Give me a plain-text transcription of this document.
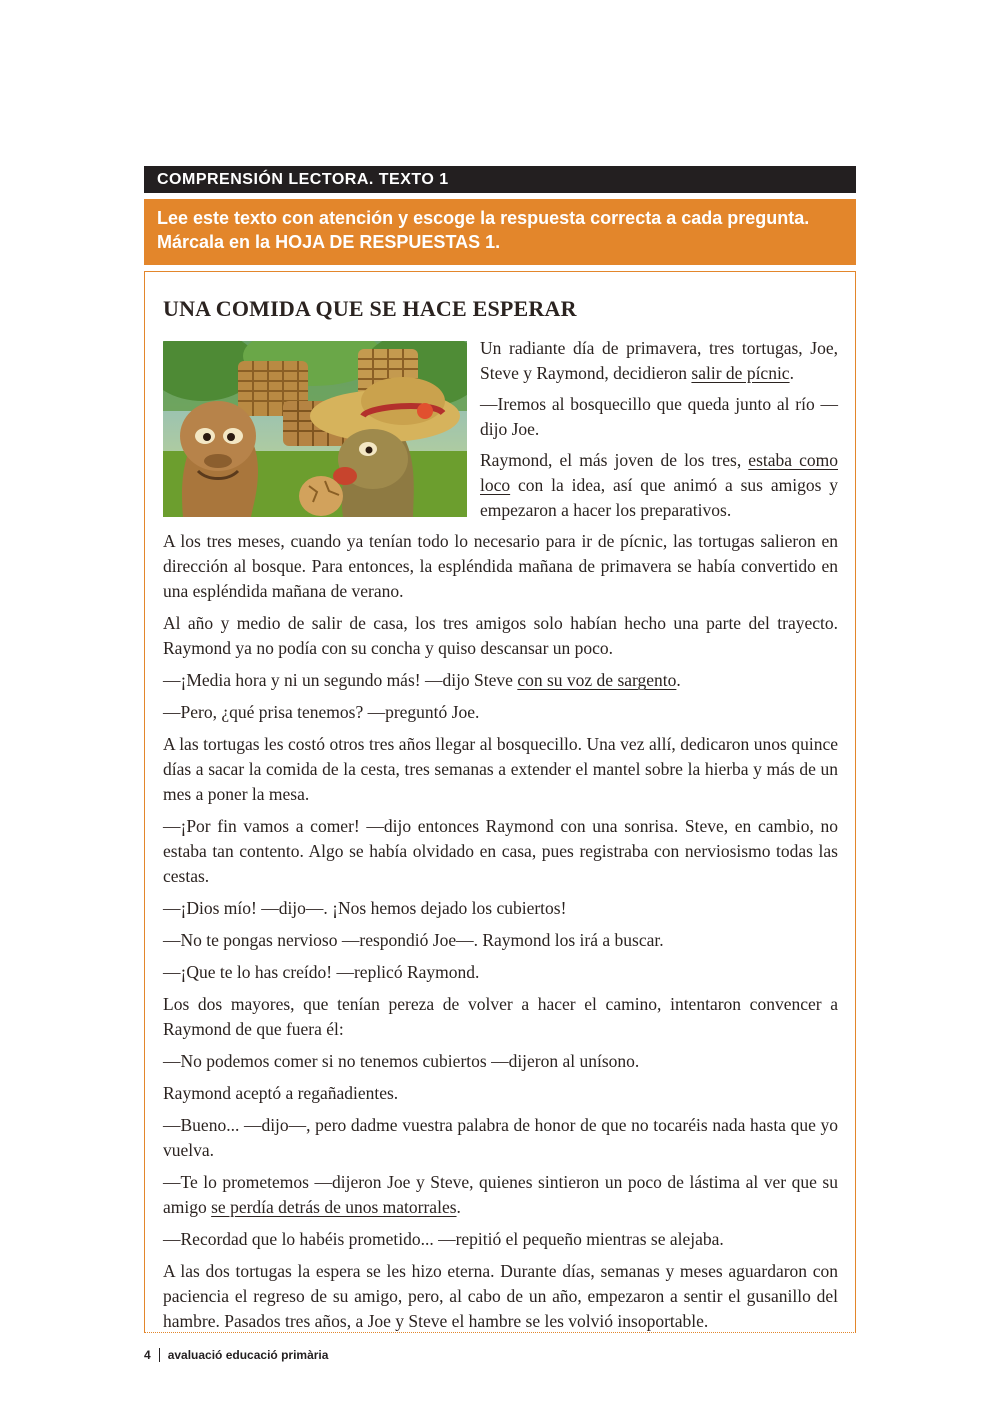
COMPRENSIÓN LECTORA. TEXTO 1
Lee este texto con atención y escoge la respuesta correcta a cada pregunta. Márcala en la HOJA DE RESPUESTAS 1.
UNA COMIDA QUE SE HACE ESPERAR

Un radiante día de primavera, tres tortugas, Joe, Steve y Raymond, decidieron salir de pícnic.

—Iremos al bosquecillo que queda junto al río —dijo Joe.

Raymond, el más joven de los tres, estaba como loco con la idea, así que animó a sus amigos y empezaron a hacer los preparativos.

A los tres meses, cuando ya tenían todo lo necesario para ir de pícnic, las tortugas salieron en dirección al bosque. Para entonces, la espléndida mañana de primavera se había convertido en una espléndida mañana de verano.

Al año y medio de salir de casa, los tres amigos solo habían hecho una parte del trayecto. Raymond ya no podía con su concha y quiso descansar un poco.

—¡Media hora y ni un segundo más! —dijo Steve con su voz de sargento.

—Pero, ¿qué prisa tenemos? —preguntó Joe.

A las tortugas les costó otros tres años llegar al bosquecillo. Una vez allí, dedicaron unos quince días a sacar la comida de la cesta, tres semanas a extender el mantel sobre la hierba y más de un mes a poner la mesa.

—¡Por fin vamos a comer! —dijo entonces Raymond con una sonrisa. Steve, en cambio, no estaba tan contento. Algo se había olvidado en casa, pues registraba con nerviosismo todas las cestas.

—¡Dios mío! —dijo—. ¡Nos hemos dejado los cubiertos!

—No te pongas nervioso —respondió Joe—. Raymond los irá a buscar.

—¡Que te lo has creído! —replicó Raymond.

Los dos mayores, que tenían pereza de volver a hacer el camino, intentaron convencer a Raymond de que fuera él:

—No podemos comer si no tenemos cubiertos —dijeron al unísono.

Raymond aceptó a regañadientes.

—Bueno... —dijo—, pero dadme vuestra palabra de honor de que no tocaréis nada hasta que yo vuelva.

—Te lo prometemos —dijeron Joe y Steve, quienes sintieron un poco de lástima al ver que su amigo se perdía detrás de unos matorrales.

—Recordad que lo habéis prometido... —repitió el pequeño mientras se alejaba.

A las dos tortugas la espera se les hizo eterna. Durante días, semanas y meses aguardaron con paciencia el regreso de su amigo, pero, al cabo de un año, empezaron a sentir el gusanillo del hambre. Pasados tres años, a Joe y Steve el hambre se les volvió insoportable.

4 avaluació educació primària
